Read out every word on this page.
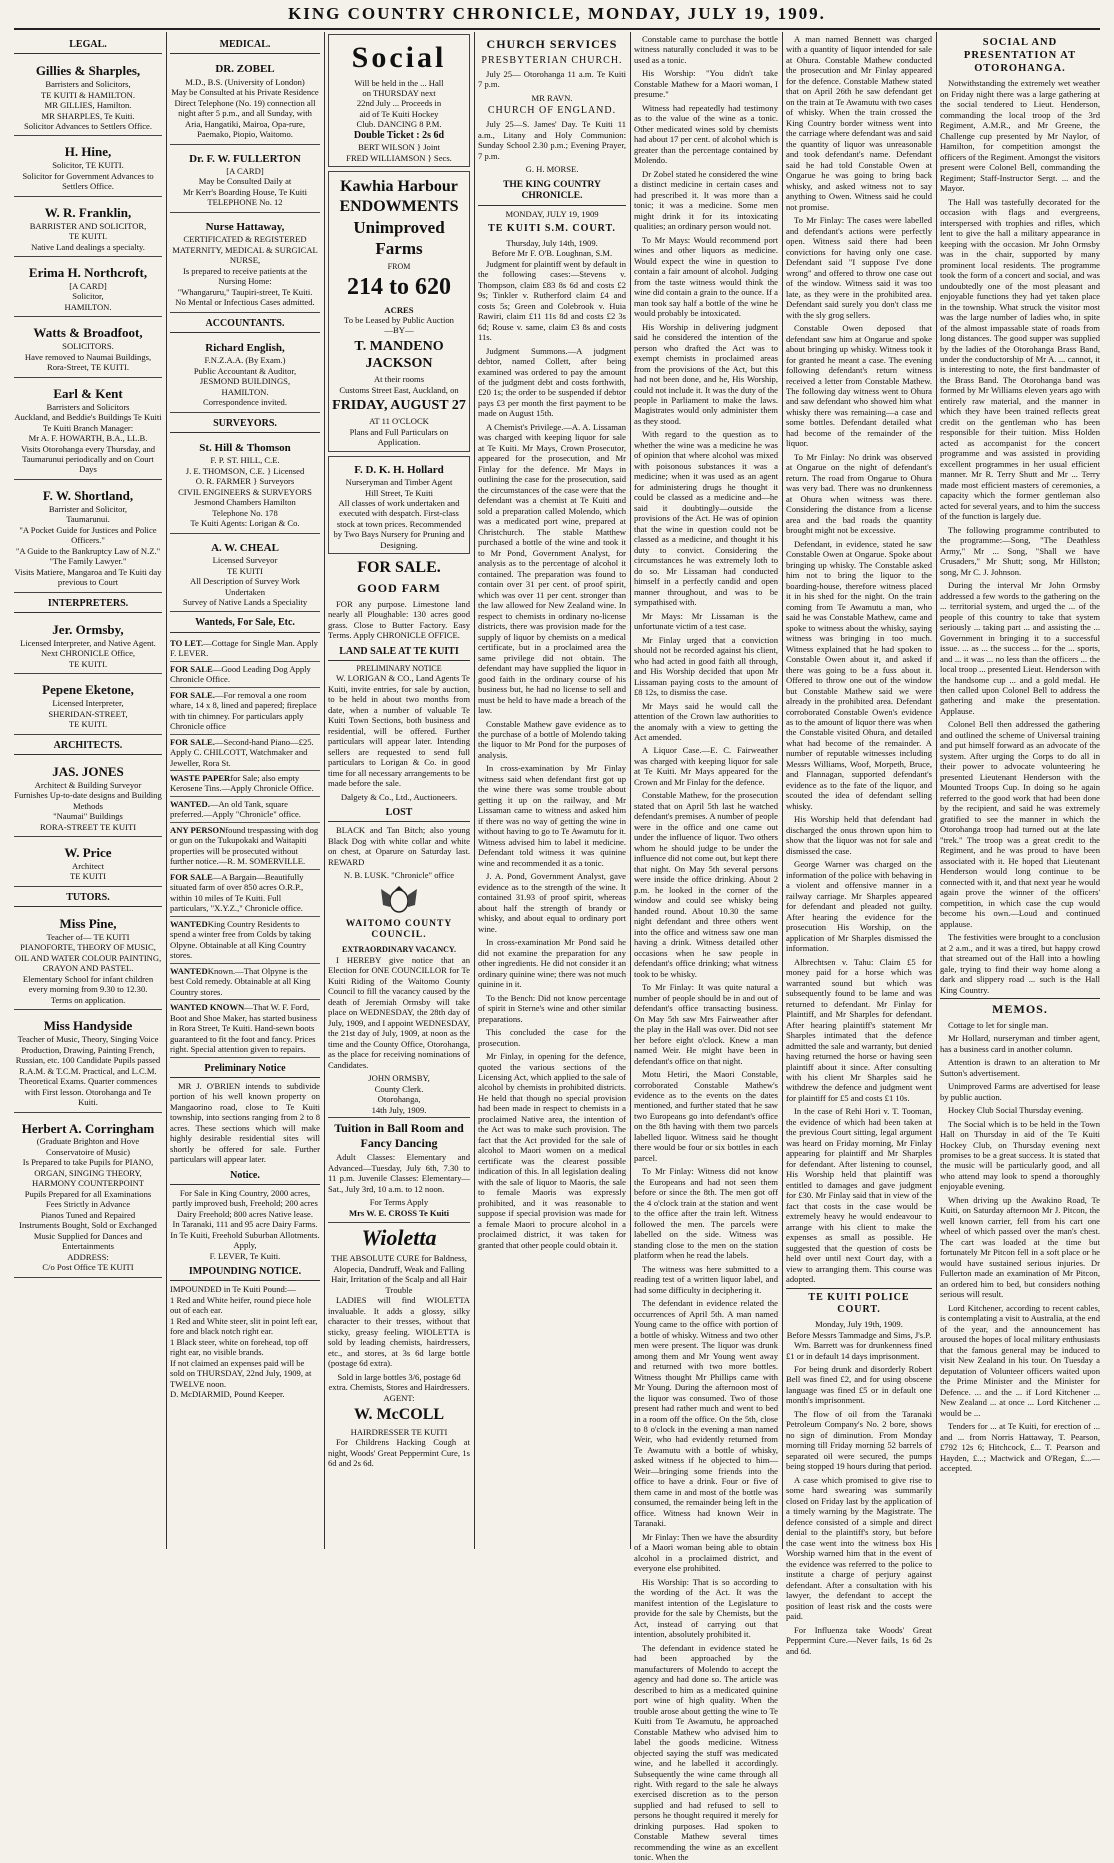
KING COUNTRY CHRONICLE, MONDAY, JULY 19, 1909.
LEGAL.
Gillies & Sharples,
Barristers and Solicitors,
TE KUITI & HAMILTON.
MR GILLIES, Hamilton.
MR SHARPLES, Te Kuiti.
Solicitor Advances to Settlers Office.
H. Hine,
Solicitor, TE KUITI.
Solicitor for Government Advances to Settlers Office.
W. R. Franklin,
BARRISTER AND SOLICITOR,
TE KUITI.
Native Land dealings a specialty.
Erima H. Northcroft,
[A CARD]
Solicitor,
HAMILTON.
Watts & Broadfoot,
SOLICITORS.
Have removed to Naumai Buildings,
Rora-Street, TE KUITI.
Earl & Kent
Barristers and Solicitors
Auckland, and Beddie's Buildings Te Kuiti
Te Kuiti Branch Manager:
Mr A. F. HOWARTH, B.A., LL.B.
Visits Otorohanga every Thursday, and Taumarunui periodically and on Court Days
F. W. Shortland,
Barrister and Solicitor,
Taumarunui.
"A Pocket Guide for Justices and Police Officers."
"A Guide to the Bankruptcy Law of N.Z."
"The Family Lawyer."
Visits Matiere, Mangaroa and Te Kuiti day previous to Court
INTERPRETERS.
Jer. Ormsby,
Licensed Interpreter, and Native Agent.
Next CHRONICLE Office,
TE KUITI.
Pepene Eketone,
Licensed Interpreter,
SHERIDAN-STREET,
TE KUITI.
ARCHITECTS.
JAS. JONES
Architect & Building Surveyor
Furnishes Up-to-date designs and Building Methods
"Naumai" Buildings
RORA-STREET TE KUITI
W. Price
Architect
TE KUITI
TUTORS.
Miss Pine,
Teacher of— TE KUITI
PIANOFORTE, THEORY OF MUSIC, OIL AND WATER COLOUR PAINTING, CRAYON AND PASTEL.
Elementary School for infant children every morning from 9.30 to 12.30.
Terms on application.
Miss Handyside
Teacher of Music, Theory, Singing Voice Production, Drawing, Painting French, Russian, etc. 100 Candidate Pupils passed R.A.M. & T.C.M. Practical, and L.C.M. Theoretical Exams. Quarter commences with First lesson. Otorohanga and Te Kuiti.
Herbert A. Corringham
(Graduate Brighton and Hove Conservatoire of Music)
Is Prepared to take Pupils for PIANO, ORGAN, SINGING THEORY, HARMONY COUNTERPOINT
Pupils Prepared for all Examinations
Fees Strictly in Advance
Pianos Tuned and Repaired
Instruments Bought, Sold or Exchanged
Music Supplied for Dances and Entertainments
ADDRESS:
C/o Post Office TE KUITI
MEDICAL.
DR. ZOBEL
M.D., B.S. (University of London)
May be Consulted at his Private Residence
Direct Telephone (No. 19) connection all night after 5 p.m., and all Sunday, with Aria, Hangatiki, Mairoa, Opa-rure, Paemako, Piopio, Waitomo.
Dr. F. W. FULLERTON
[A CARD]
May be Consulted Daily at
Mr Kerr's Boarding House, Te Kuiti
TELEPHONE No. 12
Nurse Hattaway,
CERTIFICATED & REGISTERED
MATERNITY, MEDICAL & SURGICAL NURSE,
Is prepared to receive patients at the Nursing Home:
"Whangaruru," Taupiri-street, Te Kuiti.
No Mental or Infectious Cases admitted.
ACCOUNTANTS.
Richard English,
F.N.Z.A.A. (By Exam.)
Public Accountant & Auditor,
JESMOND BUILDINGS,
HAMILTON.
Correspondence invited.
SURVEYORS.
St. Hill & Thomson
F. P. ST. HILL, C.E.
J. E. THOMSON, C.E. } Licensed
O. R. FARMER } Surveyors
CIVIL ENGINEERS & SURVEYORS
Jesmond Chambers Hamilton
Telephone No. 178
Te Kuiti Agents: Lorigan & Co.
A. W. CHEAL
Licensed Surveyor
TE KUITI
All Description of Survey Work Undertaken
Survey of Native Lands a Speciality
Wanteds, For Sale, Etc.
TO LET.—Cottage for Single Man. Apply F. LEVER.
FOR SALE—Good Leading Dog Apply Chronicle Office.
FOR SALE.—For removal a one room whare, 14 x 8, lined and papered; fireplace with tin chimney. For particulars apply Chronicle office
FOR SALE.—Second-hand Piano—£25. Apply C. CHILCOTT, Watchmaker and Jeweller, Rora St.
WASTE PAPERfor Sale; also empty Kerosene Tins.—Apply Chronicle Office.
WANTED.—An old Tank, square preferred.—Apply "Chronicle" office.
ANY PERSONfound trespassing with dog or gun on the Tukupokaki and Waitapiti properties will be prosecuted without further notice.—R. M. SOMERVILLE.
FOR SALE—A Bargain—Beautifully situated farm of over 850 acres O.R.P., within 10 miles of Te Kuiti. Full particulars, "X.Y.Z.," Chronicle office.
WANTEDKing Country Residents to spend a winter free from Colds by taking Olpyne. Obtainable at all King Country stores.
WANTEDKnown.—That Olpyne is the best Cold remedy. Obtainable at all King Country stores.
WANTED KNOWN—That W. F. Ford, Boot and Shoe Maker, has started business in Rora Street, Te Kuiti. Hand-sewn boots guaranteed to fit the foot and fancy. Prices right. Special attention given to repairs.
Preliminary Notice

MR J. O'BRIEN intends to subdivide portion of his well known property on Mangaorino road, close to Te Kuiti township, into sections ranging from 2 to 8 acres. These sections which will make highly desirable residential sites will shortly be offered for sale. Further particulars will appear later.

Notice.
For Sale in King Country, 2000 acres, partly improved bush, Freehold; 200 acres Dairy Freehold; 800 acres Native lease.
In Taranaki, 111 and 95 acre Dairy Farms.
In Te Kuiti, Freehold Suburban Allotments.
Apply,
F. LEVER, Te Kuiti.
IMPOUNDING NOTICE.
IMPOUNDED in Te Kuiti Pound:—
1 Red and White heifer, round piece hole out of each ear.
1 Red and White steer, slit in point left ear, fore and black notch right ear.
1 Black steer, white on forehead, top off right ear, no visible brands.
If not claimed an expenses paid will be sold on THURSDAY, 22nd July, 1909, at TWELVE noon.
D. McDIARMID, Pound Keeper.
Social
Will be held in the ... Hall
on THURSDAY next
22nd July ... Proceeds in
aid of Te Kuiti Hockey
Club. DANCING 8 P.M.
Double Ticket : 2s 6d
BERT WILSON } Joint
FRED WILLIAMSON } Secs.
Kawhia Harbour ENDOWMENTS
Unimproved Farms
FROM
214 to 620
ACRES
To be Leased by Public Auction
—BY—
T. MANDENO JACKSON
At their rooms
Customs Street East, Auckland, on
FRIDAY, AUGUST 27
AT 11 O'CLOCK
Plans and Full Particulars on Application.
F. D. K. H. Hollard
Nurseryman and Timber Agent
Hill Street, Te Kuiti
All classes of work undertaken and executed with despatch. First-class stock at town prices. Recommended by Two Bays Nursery for Pruning and Designing.
FOR SALE.
GOOD FARM

FOR any purpose. Limestone land nearly all Ploughable: 130 acres good grass. Close to Butter Factory. Easy Terms. Apply CHRONICLE OFFICE.

LAND SALE AT TE KUITI
PRELIMINARY NOTICE

W. LORIGAN & CO., Land Agents Te Kuiti, invite entries, for sale by auction, to be held in about two months from date, when a number of valuable Te Kuiti Town Sections, both business and residential, will be offered. Further particulars will appear later. Intending sellers are requested to send full particulars to Lorigan & Co. in good time for all necessary arrangements to be made before the sale.

Dalgety & Co., Ltd., Auctioneers.
LOST

BLACK and Tan Bitch; also young Black Dog with white collar and white on chest, at Oparure on Saturday last. REWARD

N. B. LUSK. "Chronicle" office
WAITOMO COUNTY COUNCIL.
EXTRAORDINARY VACANCY.

I HEREBY give notice that an Election for ONE COUNCILLOR for Te Kuiti Riding of the Waitomo County Council to fill the vacancy caused by the death of Jeremiah Ormsby will take place on WEDNESDAY, the 28th day of July, 1909, and I appoint WEDNESDAY, the 21st day of July, 1909, at noon as the time and the County Office, Otorohanga, as the place for receiving nominations of Candidates.

JOHN ORMSBY,
County Clerk.
Otorohanga,
14th July, 1909.
Tuition in Ball Room and Fancy Dancing

Adult Classes: Elementary and Advanced—Tuesday, July 6th, 7.30 to 11 p.m. Juvenile Classes: Elementary—Sat., July 3rd, 10 a.m. to 12 noon.

For Terms Apply
Mrs W. E. CROSS Te Kuiti
Wioletta
THE ABSOLUTE CURE for Baldness, Alopecia, Dandruff, Weak and Falling Hair, Irritation of the Scalp and all Hair Trouble

LADIES will find WIOLETTA invaluable. It adds a glossy, silky character to their tresses, without that sticky, greasy feeling. WIOLETTA is sold by leading chemists, hairdressers, etc., and stores, at 3s 6d large bottle (postage 6d extra).

Sold in large bottles 3/6, postage 6d extra. Chemists, Stores and Hairdressers.
AGENT:
W. McCOLL
HAIRDRESSER TE KUITI

For Childrens Hacking Cough at night, Woods' Great Peppermint Cure, 1s 6d and 2s 6d.

CHURCH SERVICES
PRESBYTERIAN CHURCH.

July 25— Otorohanga 11 a.m. Te Kuiti 7 p.m.

MR RAVN.
CHURCH OF ENGLAND.

July 25—S. James' Day. Te Kuiti 11 a.m., Litany and Holy Communion: Sunday School 2.30 p.m.; Evening Prayer, 7 p.m.

G. H. MORSE.
THE KING COUNTRY CHRONICLE.
MONDAY, JULY 19, 1909
TE KUITI S.M. COURT.
Thursday, July 14th, 1909.
Before Mr F. O'B. Loughnan, S.M.

Judgment for plaintiff went by default in the following cases:—Stevens v. Thompson, claim £83 8s 6d and costs £2 9s; Tinkler v. Rutherford claim £4 and costs 5s; Green and Colebrook v. Huia Rawiri, claim £11 11s 8d and costs £2 3s 6d; Rouse v. same, claim £3 8s and costs 11s.

Judgment Summons.—A judgment debtor, named Collett, after being examined was ordered to pay the amount of the judgment debt and costs forthwith, £20 1s; the order to be suspended if debtor pays £3 per month the first payment to be made on August 15th.

A Chemist's Privilege.—A. A. Lissaman was charged with keeping liquor for sale at Te Kuiti. Mr Mays, Crown Prosecutor, appeared for the prosecution, and Mr Finlay for the defence. Mr Mays in outlining the case for the prosecution, said the circumstances of the case were that the defendant was a chemist at Te Kuiti and sold a preparation called Molendo, which was a medicated port wine, prepared at Christchurch. The stable Matthew purchased a bottle of the wine and took it to Mr Pond, Government Analyst, for analysis as to the percentage of alcohol it contained. The preparation was found to contain over 31 per cent. of proof spirit, which was over 11 per cent. stronger than the law allowed for New Zealand wine. In respect to chemists in ordinary no-license districts, there was provision made for the supply of liquor by chemists on a medical certificate, but in a proclaimed area the same privilege did not obtain. The defendant may have supplied the liquor in good faith in the ordinary course of his business but, he had no license to sell and must be held to have made a breach of the law.

Constable Mathew gave evidence as to the purchase of a bottle of Molendo taking the liquor to Mr Pond for the purposes of analysis.

In cross-examination by Mr Finlay witness said when defendant first got up the wine there was some trouble about getting it up on the railway, and Mr Lissaman came to witness and asked him if there was no way of getting the wine in without having to go to Te Awamutu for it. Witness advised him to label it medicine. Defendant told witness it was quinine wine and recommended it as a tonic.

J. A. Pond, Government Analyst, gave evidence as to the strength of the wine. It contained 31.93 of proof spirit, whereas about half the strength of brandy or whisky, and about equal to ordinary port wine.

In cross-examination Mr Pond said he did not examine the preparation for any other ingredients. He did not consider it an ordinary quinine wine; there was not much quinine in it.

To the Bench: Did not know percentage of spirit in Sterne's wine and other similar preparations.

This concluded the case for the prosecution.

Mr Finlay, in opening for the defence, quoted the various sections of the Licensing Act, which applied to the sale of alcohol by chemists in prohibited districts. He held that though no special provision had been made in respect to chemists in a proclaimed Native area, the intention of the Act was to make such provision. The fact that the Act provided for the sale of alcohol to Maori women on a medical certificate was the clearest possible indication of this. In all legislation dealing with the sale of liquor to Maoris, the sale to female Maoris was expressly prohibited, and it was reasonable to suppose if special provision was made for a female Maori to procure alcohol in a proclaimed district, it was taken for granted that other people could obtain it.

Constable came to purchase the bottle witness naturally concluded it was to be used as a tonic.

His Worship: "You didn't take Constable Mathew for a Maori woman, I presume."

Witness had repeatedly had testimony as to the value of the wine as a tonic. Other medicated wines sold by chemists had about 17 per cent. of alcohol which is greater than the percentage contained by Molendo.

Dr Zobel stated he considered the wine a distinct medicine in certain cases and had prescribed it. It was more than a tonic; it was a medicine. Some men might drink it for its intoxicating qualities; an ordinary person would not.

To Mr Mays: Would recommend port wines and other liquors as medicine. Would expect the wine in question to contain a fair amount of alcohol. Judging from the taste witness would think the wine did contain a grain to the ounce. If a man took say half a bottle of the wine he would probably be intoxicated.

His Worship in delivering judgment said he considered the intention of the person who drafted the Act was to exempt chemists in proclaimed areas from the provisions of the Act, but this had not been done, and he, His Worship, could not include it. It was the duty of the people in Parliament to make the laws. Magistrates would only administer them as they stood.

With regard to the question as to whether the wine was a medicine he was of opinion that where alcohol was mixed with poisonous substances it was a medicine; when it was used as an agent for administering drugs he thought it could be classed as a medicine and—he said it doubtingly—outside the provisions of the Act. He was of opinion that the wine in question could not be classed as a medicine, and thought it his duty to convict. Considering the circumstances he was extremely loth to do so. Mr Lissaman had conducted himself in a perfectly candid and open manner throughout, and was to be sympathised with.

Mr Mays: Mr Lissaman is the unfortunate victim of a test case.

Mr Finlay urged that a conviction should not be recorded against his client, who had acted in good faith all through, and His Worship decided that upon Mr Lissaman paying costs to the amount of £8 12s, to dismiss the case.

Mr Mays said he would call the attention of the Crown law authorities to the anomaly with a view to getting the Act amended.

A Liquor Case.—E. C. Fairweather was charged with keeping liquor for sale at Te Kuiti. Mr Mays appeared for the Crown and Mr Finlay for the defence.

Constable Mathew, for the prosecution stated that on April 5th last he watched defendant's premises. A number of people were in the office and one came out under the influence of liquor. Two others whom he should judge to be under the influence did not come out, but kept there that night. On May 5th several persons were inside the office drinking. About 2 p.m. he looked in the corner of the window and could see whisky being handed round. About 10.30 the same night defendant and three others went into the office and witness saw one man having a drink. Witness detailed other occasions when he saw people in defendant's office drinking; what witness took to be whisky.

To Mr Finlay: It was quite natural a number of people should be in and out of defendant's office transacting business. On May 5th saw Mrs Fairweather after the play in the Hall was over. Did not see her before eight o'clock. Knew a man named Weir. He might have been in defendant's office on that night.

Motu Hetiri, the Maori Constable, corroborated Constable Mathew's evidence as to the events on the dates mentioned, and further stated that he saw two Europeans go into defendant's office on the 8th having with them two parcels labelled liquor. Witness said he thought there would be four or six bottles in each parcel.

To Mr Finlay: Witness did not know the Europeans and had not seen them before or since the 8th. The men got off the 4 o'clock train at the station and went to the office after the train left. Witness followed the men. The parcels were labelled on the side. Witness was standing close to the men on the station platform when he read the labels.

The witness was here submitted to a reading test of a written liquor label, and had some difficulty in deciphering it.

The defendant in evidence related the occurrences of April 5th. A man named Young came to the office with portion of a bottle of whisky. Witness and two other men were present. The liquor was drunk among them and Mr Young went away and returned with two more bottles. Witness thought Mr Phillips came with Mr Young. During the afternoon most of the liquor was consumed. Two of those present had rather much and went to bed in a room off the office. On the 5th, close to 8 o'clock in the evening a man named Weir, who had evidently returned from Te Awamutu with a bottle of whisky, asked witness if he objected to him—Weir—bringing some friends into the office to have a drink. Four or five of them came in and most of the bottle was consumed, the remainder being left in the office. Witness had known Weir in Taranaki.

Mr Finlay: Then we have the absurdity of a Maori woman being able to obtain alcohol in a proclaimed district, and everyone else prohibited.

His Worship: That is so according to the wording of the Act. It was the manifest intention of the Legislature to provide for the sale by Chemists, but the Act, instead of carrying out that intention, absolutely prohibited it.

The defendant in evidence stated he had been approached by the manufacturers of Molendo to accept the agency and had done so. The article was described to him as a medicated quinine port wine of high quality. When the trouble arose about getting the wine to Te Kuiti from Te Awamutu, he approached Constable Mathew who advised him to label the goods medicine. Witness objected saying the stuff was medicated wine, and he labelled it accordingly. Subsequently the wine came through all right. With regard to the sale he always exercised discretion as to the person supplied and had refused to sell to persons he thought required it merely for drinking purposes. Had spoken to Constable Mathew several times recommending the wine as an excellent tonic. When the

A man named Bennett was charged with a quantity of liquor intended for sale at Ohura. Constable Mathew conducted the prosecution and Mr Finlay appeared for the defence. Constable Mathew stated that on April 26th he saw defendant get on the train at Te Awamutu with two cases of whisky. When the train crossed the King Country border witness went into the carriage where defendant was and said the quantity of liquor was unreasonable and took defendant's name. Defendant said he had told Constable Owen at Ongarue he was going to bring back whisky, and asked witness not to say anything to Owen. Witness said he could not promise.

To Mr Finlay: The cases were labelled and defendant's actions were perfectly open. Witness said there had been convictions for having only one case. Defendant said "I suppose I've done wrong" and offered to throw one case out of the window. Witness said it was too late, as they were in the prohibited area. Defendant said surely you don't class me with the sly grog sellers.

Constable Owen deposed that defendant saw him at Ongarue and spoke about bringing up whisky. Witness took it for granted he meant a case. The evening following defendant's return witness received a letter from Constable Mathew. The following day witness went to Ohura and saw defendant who showed him what whisky there was remaining—a case and some bottles. Defendant detailed what had become of the remainder of the liquor.

To Mr Finlay: No drink was observed at Ongarue on the night of defendant's return. The road from Ongarue to Ohura was very bad. There was no drunkenness at Ohura when witness was there. Considering the distance from a license area and the bad roads the quantity brought might not be excessive.

Defendant, in evidence, stated he saw Constable Owen at Ongarue. Spoke about bringing up whisky. The Constable asked him not to bring the liquor to the boarding-house, therefore witness placed it in his shed for the night. On the train coming from Te Awamutu a man, who said he was Constable Mathew, came and spoke to witness about the whisky, saying witness was bringing in too much. Witness explained that he had spoken to Constable Owen about it, and asked if there was going to be a fuss about it. Offered to throw one out of the window but Constable Mathew said we were already in the prohibited area. Defendant corroborated Constable Owen's evidence as to the amount of liquor there was when the Constable visited Ohura, and detailed what had become of the remainder. A number of reputable witnesses including Messrs Williams, Woof, Morpeth, Bruce, and Flannagan, supported defendant's evidence as to the fate of the liquor, and scouted the idea of defendant selling whisky.

His Worship held that defendant had discharged the onus thrown upon him to show that the liquor was not for sale and dismissed the case.

George Warner was charged on the information of the police with behaving in a violent and offensive manner in a railway carriage. Mr Sharples appeared for defendant and pleaded not guilty. After hearing the evidence for the prosecution His Worship, on the application of Mr Sharples dismissed the information.

Albrechtsen v. Tahu: Claim £5 for money paid for a horse which was warranted sound but which was subsequently found to be lame and was returned to defendant. Mr Finlay for Plaintiff, and Mr Sharples for defendant. After hearing plaintiff's statement Mr Sharples intimated that the defence admitted the sale and warranty, but denied having returned the horse or having seen plaintiff about it since. After consulting with his client Mr Sharples said he withdrew the defence and judgment went for plaintiff for £5 and costs £1 10s.

In the case of Rehi Hori v. T. Tooman, the evidence of which had been taken at the previous Court sitting, legal argument was heard on Friday morning, Mr Finlay appearing for plaintiff and Mr Sharples for defendant. After listening to counsel, His Worship held that plaintiff was entitled to damages and gave judgment for £30. Mr Finlay said that in view of the fact that costs in the case would be extremely heavy he would endeavour to arrange with his client to make the expenses as small as possible. He suggested that the question of costs be held over until next Court day, with a view to arranging them. This course was adopted.

TE KUITI POLICE COURT.
Monday, July 19th, 1909.
Before Messrs Tammadge and Sims, J's.P.

Wm. Barrett was for drunkenness fined £1 or in default 14 days imprisonment.

For being drunk and disorderly Robert Bell was fined £2, and for using obscene language was fined £5 or in default one month's imprisonment.

The flow of oil from the Taranaki Petroleum Company's No. 2 bore, shows no sign of diminution. From Monday morning till Friday morning 52 barrels of separated oil were secured, the pumps being stopped 19 hours during that period.

A case which promised to give rise to some hard swearing was summarily closed on Friday last by the application of a timely warning by the Magistrate. The defence consisted of a simple and direct denial to the plaintiff's story, but before the case went into the witness box His Worship warned him that in the event of the evidence was referred to the police to institute a charge of perjury against defendant. After a consultation with his lawyer, the defendant to accept the position of least risk and the costs were paid.

For Influenza take Woods' Great Peppermint Cure.—Never fails, 1s 6d 2s and 6d.

SOCIAL AND PRESENTATION AT OTOROHANGA.

Notwithstanding the extremely wet weather on Friday night there was a large gathering at the social tendered to Lieut. Henderson, commanding the local troop of the 3rd Regiment, A.M.R., and Mr Greene, the Challenge cup presented by Mr Naylor, of Hamilton, for competition amongst the officers of the Regiment. Amongst the visitors present were Colonel Bell, commanding the Regiment; Staff-Instructor Sergt. ... and the Mayor.

The Hall was tastefully decorated for the occasion with flags and evergreens, interspersed with trophies and rifles, which lent to give the hall a military appearance in keeping with the occasion. Mr John Ormsby was in the chair, supported by many prominent local residents. The programme took the form of a concert and social, and was undoubtedly one of the most pleasant and enjoyable functions they had yet taken place in the township. What struck the visitor most was the large number of ladies who, in spite of the almost impassable state of roads from long distances. The good supper was supplied by the ladies of the Otorohanga Brass Band, under the conductorship of Mr A. ... cannot, it is interesting to note, the first bandmaster of the Brass Band. The Otorohanga band was formed by Mr Williams eleven years ago with entirely raw material, and the manner in which they have been trained reflects great credit on the gentleman who has been responsible for their tuition. Miss Holden acted as accompanist for the concert programme and was assisted in providing excellent programmes in her usual efficient manner. Mr R. Terry Shutt and Mr ... Terry made most efficient masters of ceremonies, a capacity which the former gentleman also acted for several years, and to him the success of the function is largely due.

The following programme contributed to the programme:—Song, "The Deathless Army," Mr ... Song, "Shall we have Crusaders," Mr Shutt; song, Mr Hillston; song, Mr C. J. Johnson.

During the interval Mr John Ormsby addressed a few words to the gathering on the ... territorial system, and urged the ... of the people of this country to take that system seriously ... taking part ... and assisting the ... Government in bringing it to a successful issue. ... as ... the success ... for the ... sports, and ... it was ... no less than the officers ... the local troop ... presented Lieut. Henderson with the handsome cup ... and a gold medal. He then called upon Colonel Bell to address the gathering and make the presentation. Applause.

Colonel Bell then addressed the gathering and outlined the scheme of Universal training and put himself forward as an advocate of the system. After urging the Corps to do all in their power to advocate volunteering he presented Lieutenant Henderson with the Mounted Troops Cup. In doing so he again referred to the good work that had been done by the recipient, and said he was extremely gratified to see the manner in which the Otorohanga troop had turned out at the late "trek." The troop was a great credit to the Regiment, and he was proud to have been associated with it. He hoped that Lieutenant Henderson would long continue to be connected with it, and that next year he would again prove the winner of the officers' competition, in which case the cup would become his own.—Loud and continued applause.

The festivities were brought to a conclusion at 2 a.m., and it was a tired, but happy crowd that streamed out of the Hall into a howling gale, trying to find their way home along a dark and slippery road ... such is the Hall King Country.

MEMOS.

Cottage to let for single man.

Mr Hollard, nurseryman and timber agent, has a business card in another column.

Attention is drawn to an alteration to Mr Sutton's advertisement.

Unimproved Farms are advertised for lease by public auction.

Hockey Club Social Thursday evening.

The Social which is to be held in the Town Hall on Thursday in aid of the Te Kuiti Hockey Club, on Thursday evening next promises to be a great success. It is stated that the music will be particularly good, and all who attend may look to spend a thoroughly enjoyable evening.

When driving up the Awakino Road, Te Kuiti, on Saturday afternoon Mr J. Pitcon, the well known carrier, fell from his cart one wheel of which passed over the man's chest. The cart was loaded at the time but fortunately Mr Pitcon fell in a soft place or he would have sustained serious injuries. Dr Fullerton made an examination of Mr Pitcon, an ordered him to bed, but considers nothing serious will result.

Lord Kitchener, according to recent cables, is contemplating a visit to Australia, at the end of the year, and the announcement has aroused the hopes of local military enthusiasts that the famous general may be induced to visit New Zealand in his tour. On Tuesday a deputation of Volunteer officers waited upon the Prime Minister and the Minister for Defence. ... and the ... if Lord Kitchener ... New Zealand ... at once ... Lord Kitchener ... would be ...

Tenders for ... at Te Kuiti, for erection of ... and ... from Norris Hattaway, T. Pearson, £792 12s 6; Hitchcock, £... T. Pearson and Hayden, £...; Mactwick and O'Regan, £...—accepted.
